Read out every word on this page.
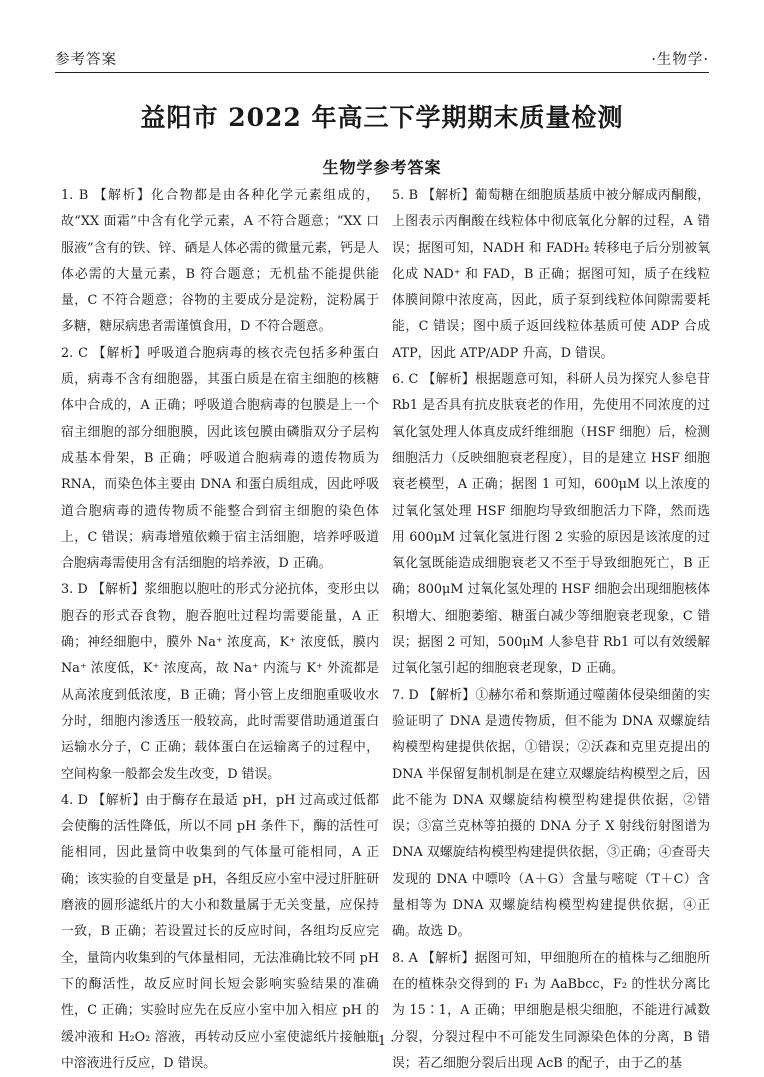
参考答案	·生物学·
益阳市 2022 年高三下学期期末质量检测
生物学参考答案

1. B 【解析】化合物都是由各种化学元素组成的，故“XX 面霜”中含有化学元素，A 不符合题意；“XX 口服液”含有的铁、锌、硒是人体必需的微量元素，钙是人体必需的大量元素，B 符合题意；无机盐不能提供能量，C 不符合题意；谷物的主要成分是淀粉，淀粉属于多糖，糖尿病患者需谨慎食用，D 不符合题意。

2. C 【解析】呼吸道合胞病毒的核衣壳包括多种蛋白质，病毒不含有细胞器，其蛋白质是在宿主细胞的核糖体中合成的，A 正确；呼吸道合胞病毒的包膜是上一个宿主细胞的部分细胞膜，因此该包膜由磷脂双分子层构成基本骨架，B 正确；呼吸道合胞病毒的遗传物质为 RNA，而染色体主要由 DNA 和蛋白质组成，因此呼吸道合胞病毒的遗传物质不能整合到宿主细胞的染色体上，C 错误；病毒增殖依赖于宿主活细胞，培养呼吸道合胞病毒需使用含有活细胞的培养液，D 正确。

3. D 【解析】浆细胞以胞吐的形式分泌抗体，变形虫以胞吞的形式吞食物，胞吞胞吐过程均需要能量，A 正确；神经细胞中，膜外 Na⁺ 浓度高，K⁺ 浓度低，膜内 Na⁺ 浓度低，K⁺ 浓度高，故 Na⁺ 内流与 K⁺ 外流都是从高浓度到低浓度，B 正确；肾小管上皮细胞重吸收水分时，细胞内渗透压一般较高，此时需要借助通道蛋白运输水分子，C 正确；载体蛋白在运输离子的过程中，空间构象一般都会发生改变，D 错误。

4. D 【解析】由于酶存在最适 pH，pH 过高或过低都会使酶的活性降低，所以不同 pH 条件下，酶的活性可能相同，因此量筒中收集到的气体量可能相同，A 正确；该实验的自变量是 pH，各组反应小室中浸过肝脏研磨液的圆形滤纸片的大小和数量属于无关变量，应保持一致，B 正确；若设置过长的反应时间，各组均反应完全，量筒内收集到的气体量相同，无法准确比较不同 pH 下的酶活性，故反应时间长短会影响实验结果的准确性，C 正确；实验时应先在反应小室中加入相应 pH 的缓冲液和 H₂O₂ 溶液，再转动反应小室使滤纸片接触瓶中溶液进行反应，D 错误。

5. B 【解析】葡萄糖在细胞质基质中被分解成丙酮酸，上图表示丙酮酸在线粒体中彻底氧化分解的过程，A 错误；据图可知，NADH 和 FADH₂ 转移电子后分别被氧化成 NAD⁺ 和 FAD，B 正确；据图可知，质子在线粒体膜间隙中浓度高，因此，质子泵到线粒体间隙需要耗能，C 错误；图中质子返回线粒体基质可使 ADP 合成 ATP，因此 ATP/ADP 升高，D 错误。

6. C 【解析】根据题意可知，科研人员为探究人参皂苷 Rb1 是否具有抗皮肤衰老的作用，先使用不同浓度的过氧化氢处理人体真皮成纤维细胞（HSF 细胞）后，检测细胞活力（反映细胞衰老程度），目的是建立 HSF 细胞衰老模型，A 正确；据图 1 可知，600μM 以上浓度的过氧化氢处理 HSF 细胞均导致细胞活力下降，然而选用 600μM 过氧化氢进行图 2 实验的原因是该浓度的过氧化氢既能造成细胞衰老又不至于导致细胞死亡，B 正确；800μM 过氧化氢处理的 HSF 细胞会出现细胞核体积增大、细胞萎缩、糖蛋白减少等细胞衰老现象，C 错误；据图 2 可知，500μM 人参皂苷 Rb1 可以有效缓解过氧化氢引起的细胞衰老现象，D 正确。

7. D 【解析】①赫尔希和蔡斯通过噬菌体侵染细菌的实验证明了 DNA 是遗传物质，但不能为 DNA 双螺旋结构模型构建提供依据，①错误；②沃森和克里克提出的 DNA 半保留复制机制是在建立双螺旋结构模型之后，因此不能为 DNA 双螺旋结构模型构建提供依据，②错误；③富兰克林等拍摄的 DNA 分子 X 射线衍射图谱为 DNA 双螺旋结构模型构建提供依据，③正确；④查哥夫发现的 DNA 中嘌呤（A＋G）含量与嘧啶（T＋C）含量相等为 DNA 双螺旋结构模型构建提供依据，④正确。故选 D。

8. A 【解析】据图可知，甲细胞所在的植株与乙细胞所在的植株杂交得到的 F₁ 为 AaBbcc，F₂ 的性状分离比为 15∶1，A 正确；甲细胞是根尖细胞，不能进行减数分裂，分裂过程中不可能发生同源染色体的分离，B 错误；若乙细胞分裂后出现 AcB 的配子，由于乙的基

· 1 ·
